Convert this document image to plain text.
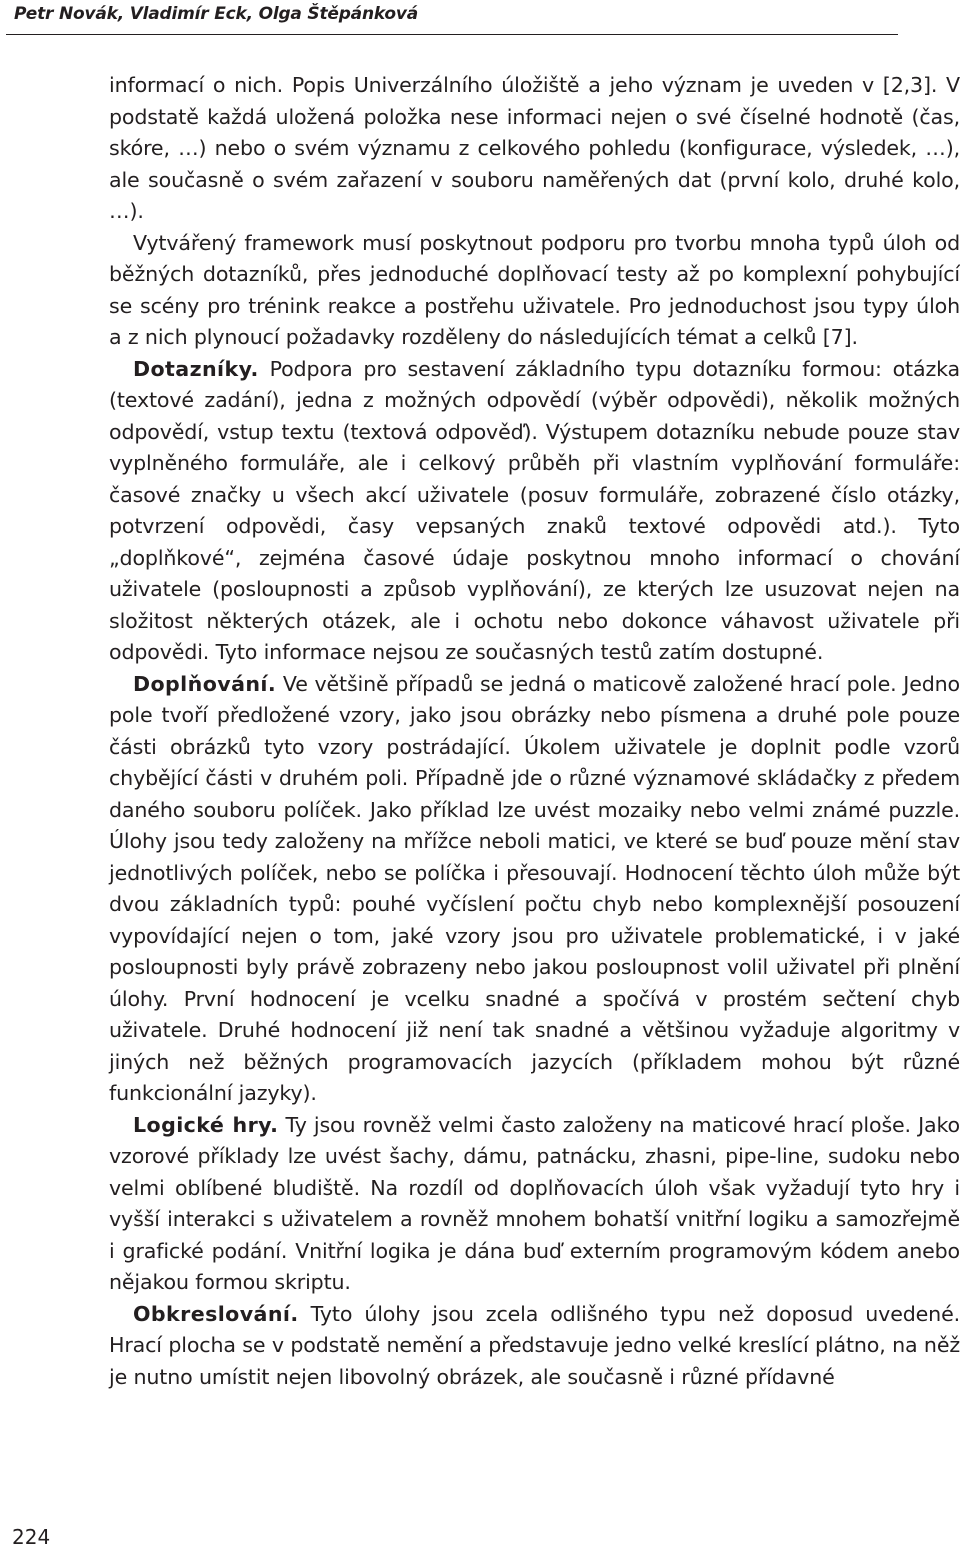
Petr Novák, Vladimír Eck, Olga Štěpánková

informací o nich. Popis Univerzálního úložiště a jeho význam je uveden v [2,3]. V podstatě každá uložená položka nese informaci nejen o své číselné hodnotě (čas, skóre, …) nebo o svém významu z celkového pohledu (konfigurace, výsledek, …), ale současně o svém zařazení v souboru naměřených dat (první kolo, druhé kolo, …).

Vytvářený framework musí poskytnout podporu pro tvorbu mnoha typů úloh od běžných dotazníků, přes jednoduché doplňovací testy až po komplexní pohybující se scény pro trénink reakce a postřehu uživatele. Pro jednoduchost jsou typy úloh a z nich plynoucí požadavky rozděleny do následujících témat a celků [7].

Dotazníky. Podpora pro sestavení základního typu dotazníku formou: otázka (textové zadání), jedna z možných odpovědí (výběr odpovědi), několik možných odpovědí, vstup textu (textová odpověď). Výstupem dotazníku nebude pouze stav vyplněného formuláře, ale i celkový průběh při vlastním vyplňování formuláře: časové značky u všech akcí uživatele (posuv formuláře, zobrazené číslo otázky, potvrzení odpovědi, časy vepsaných znaků textové odpovědi atd.). Tyto „doplňkové“, zejména časové údaje poskytnou mnoho informací o chování uživatele (posloupnosti a způsob vyplňování), ze kterých lze usuzovat nejen na složitost některých otázek, ale i ochotu nebo dokonce váhavost uživatele při odpovědi. Tyto informace nejsou ze současných testů zatím dostupné.

Doplňování. Ve většině případů se jedná o maticově založené hrací pole. Jedno pole tvoří předložené vzory, jako jsou obrázky nebo písmena a druhé pole pouze části obrázků tyto vzory postrádající. Úkolem uživatele je doplnit podle vzorů chybějící části v druhém poli. Případně jde o různé významové skládačky z předem daného souboru políček. Jako příklad lze uvést mozaiky nebo velmi známé puzzle. Úlohy jsou tedy založeny na mřížce neboli matici, ve které se buď pouze mění stav jednotlivých políček, nebo se políčka i přesouvají. Hodnocení těchto úloh může být dvou základních typů: pouhé vyčíslení počtu chyb nebo komplexnější posouzení vypovídající nejen o tom, jaké vzory jsou pro uživatele problematické, i v jaké posloupnosti byly právě zobrazeny nebo jakou posloupnost volil uživatel při plnění úlohy. První hodnocení je vcelku snadné a spočívá v prostém sečtení chyb uživatele. Druhé hodnocení již není tak snadné a většinou vyžaduje algoritmy v jiných než běžných programovacích jazycích (příkladem mohou být různé funkcionální jazyky).

Logické hry. Ty jsou rovněž velmi často založeny na maticové hrací ploše. Jako vzorové příklady lze uvést šachy, dámu, patnácku, zhasni, pipe-line, sudoku nebo velmi oblíbené bludiště. Na rozdíl od doplňovacích úloh však vyžadují tyto hry i vyšší interakci s uživatelem a rovněž mnohem bohatší vnitřní logiku a samozřejmě i grafické podání. Vnitřní logika je dána buď externím programovým kódem anebo nějakou formou skriptu.

Obkreslování. Tyto úlohy jsou zcela odlišného typu než doposud uvedené. Hrací plocha se v podstatě nemění a představuje jedno velké kreslící plátno, na něž je nutno umístit nejen libovolný obrázek, ale současně i různé přídavné

224
